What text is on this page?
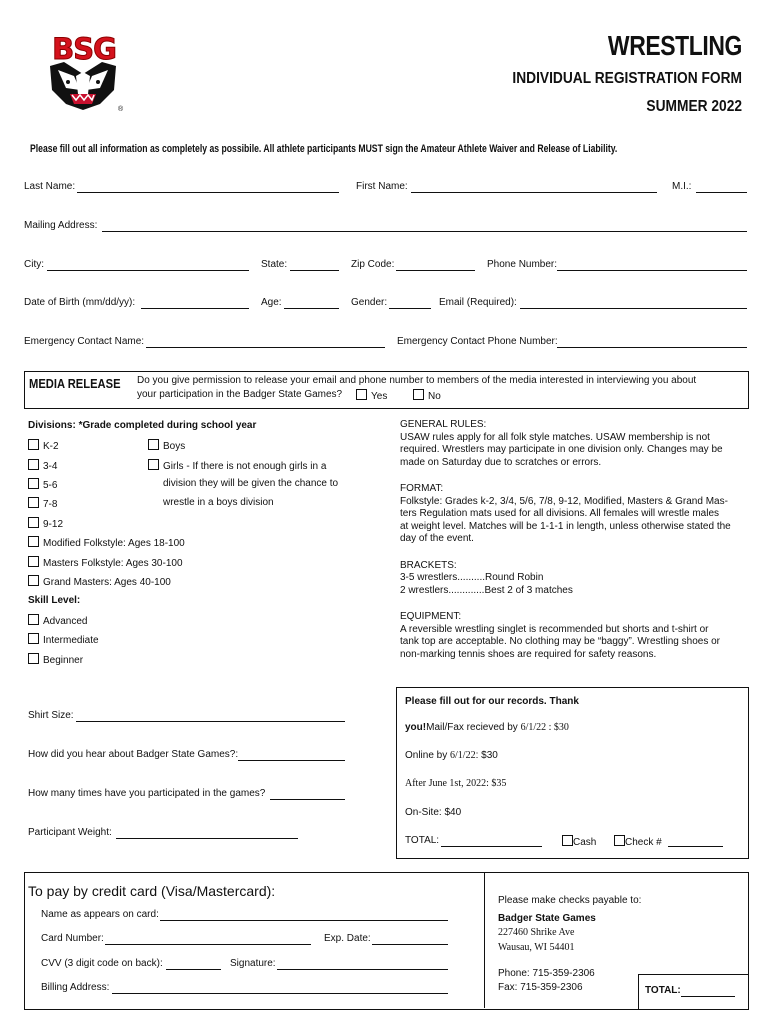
BSG
®
WRESTLING
INDIVIDUAL REGISTRATION FORM
SUMMER 2022
Please fill out all information as completely as possibile. All athlete participants MUST sign the Amateur Athlete Waiver and Release of Liability.
Last Name:	First Name:	M.I.:
Mailing Address:
City:	State:	Zip Code:	Phone Number:
Date of Birth (mm/dd/yy):	Age:	Gender:	Email (Required):
Emergency Contact Name:	Emergency Contact Phone Number:
MEDIA RELEASE Do you give permission to release your email and phone number to members of the media interested in interviewing you about
your participation in the Badger State Games?	Yes	No
Divisions: *Grade completed during school year
K-2
3-4
5-6
7-8
9-12
Modified Folkstyle: Ages 18-100
Masters Folkstyle: Ages 30-100
Grand Masters: Ages 40-100
Boys
Girls - If there is not enough girls in a
division they will be given the chance to
wrestle in a boys division
Skill Level:
Advanced
Intermediate
Beginner
GENERAL RULES:
USAW rules apply for all folk style matches. USAW membership is not
required. Wrestlers may participate in one division only. Changes may be
made on Saturday due to scratches or errors.
FORMAT:
Folkstyle: Grades k-2, 3/4, 5/6, 7/8, 9-12, Modified, Masters & Grand Mas-
ters Regulation mats used for all divisions. All females will wrestle males
at weight level. Matches will be 1-1-1 in length, unless otherwise stated the
day of the event.
BRACKETS:
3-5 wrestlers..........Round Robin
2 wrestlers.............Best 2 of 3 matches
EQUIPMENT:
A reversible wrestling singlet is recommended but shorts and t-shirt or
tank top are acceptable. No clothing may be “baggy”. Wrestling shoes or
non-marking tennis shoes are required for safety reasons.
Shirt Size:
How did you hear about Badger State Games?:
How many times have you participated in the games?
Participant Weight:
Please fill out for our records. Thank
you!Mail/Fax recieved by 6/1/22 : $30
Online by 6/1/22: $30
After June 1st, 2022: $35
On-Site: $40
TOTAL:	Cash	Check #
To pay by credit card (Visa/Mastercard):
Name as appears on card:
Card Number:	Exp. Date:
CVV (3 digit code on back):	Signature:
Billing Address:
Please make checks payable to:
Badger State Games
227460 Shrike Ave
Wausau, WI 54401
Phone: 715-359-2306
Fax: 715-359-2306	TOTAL:
